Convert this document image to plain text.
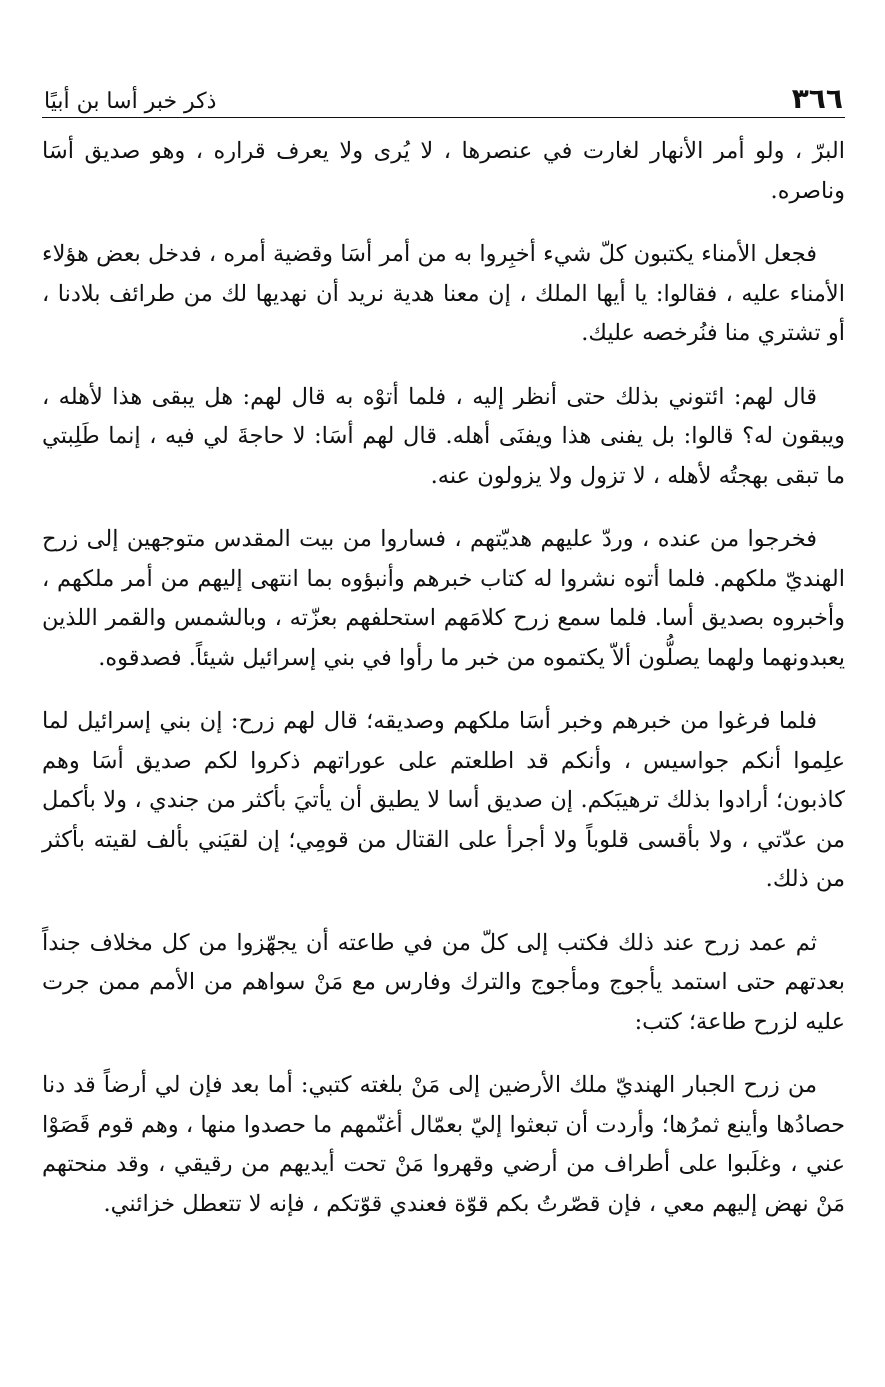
٣٦٦
ذكر خبر أسا بن أبيًا

البرّ ، ولو أمر الأنهار لغارت في عنصرها ، لا يُرى ولا يعرف قراره ، وهو صديق أسَا وناصره.

فجعل الأمناء يكتبون كلّ شيء أخبِروا به من أمر أسَا وقضية أمره ، فدخل بعض هؤلاء الأمناء عليه ، فقالوا: يا أيها الملك ، إن معنا هدية نريد أن نهديها لك من طرائف بلادنا ، أو تشتري منا فنُرخصه عليك.

قال لهم: ائتوني بذلك حتى أنظر إليه ، فلما أتوْه به قال لهم: هل يبقى هذا لأهله ، ويبقون له؟ قالوا: بل يفنى هذا ويفنَى أهله. قال لهم أسَا: لا حاجةَ لي فيه ، إنما طَلِبتي ما تبقى بهجتُه لأهله ، لا تزول ولا يزولون عنه.

فخرجوا من عنده ، وردّ عليهم هديّتهم ، فساروا من بيت المقدس متوجهين إلى زرح الهنديّ ملكهم. فلما أتوه نشروا له كتاب خبرهم وأنبؤوه بما انتهى إليهم من أمر ملكهم ، وأخبروه بصديق أسا. فلما سمع زرح كلامَهم استحلفهم بعزّته ، وبالشمس والقمر اللذين يعبدونهما ولهما يصلُّون ألاّ يكتموه من خبر ما رأوا في بني إسرائيل شيئاً. فصدقوه.

فلما فرغوا من خبرهم وخبر أسَا ملكهم وصديقه؛ قال لهم زرح: إن بني إسرائيل لما علِموا أنكم جواسيس ، وأنكم قد اطلعتم على عوراتهم ذكروا لكم صديق أسَا وهم كاذبون؛ أرادوا بذلك ترهيبَكم. إن صديق أسا لا يطيق أن يأتيَ بأكثر من جندي ، ولا بأكمل من عدّتي ، ولا بأقسى قلوباً ولا أجرأ على القتال من قومِي؛ إن لقيَني بألف لقيته بأكثر من ذلك.

ثم عمد زرح عند ذلك فكتب إلى كلّ من في طاعته أن يجهّزوا من كل مخلاف جنداً بعدتهم حتى استمد يأجوج ومأجوج والترك وفارس مع مَنْ سواهم من الأمم ممن جرت عليه لزرح طاعة؛ كتب:

من زرح الجبار الهنديّ ملك الأرضين إلى مَنْ بلغته كتبي: أما بعد فإن لي أرضاً قد دنا حصادُها وأينع ثمرُها؛ وأردت أن تبعثوا إليّ بعمّال أغنّمهم ما حصدوا منها ، وهم قوم قَصَوْا عني ، وغلَبوا على أطراف من أرضي وقهروا مَنْ تحت أيديهم من رقيقي ، وقد منحتهم مَنْ نهض إليهم معي ، فإن قصّرتُ بكم قوّة فعندي قوّتكم ، فإنه لا تتعطل خزائني.
